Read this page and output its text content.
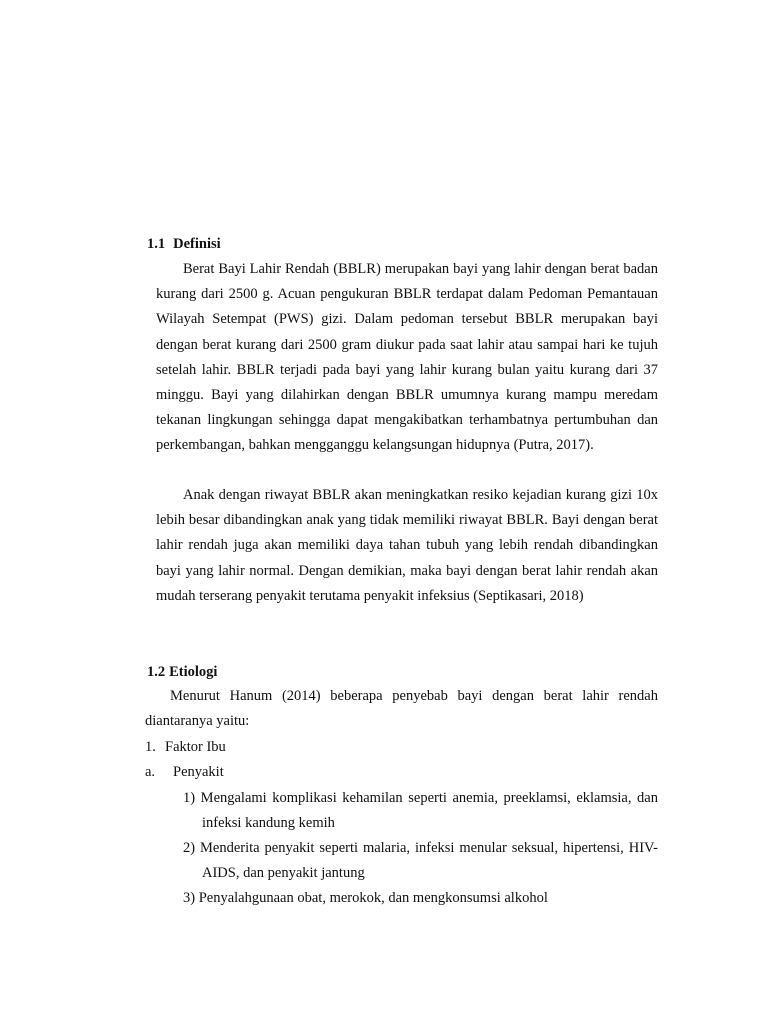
1.1 Definisi

Berat Bayi Lahir Rendah (BBLR) merupakan bayi yang lahir dengan berat badan kurang dari 2500 g. Acuan pengukuran BBLR terdapat dalam Pedoman Pemantauan Wilayah Setempat (PWS) gizi. Dalam pedoman tersebut BBLR merupakan bayi dengan berat kurang dari 2500 gram diukur pada saat lahir atau sampai hari ke tujuh setelah lahir. BBLR terjadi pada bayi yang lahir kurang bulan yaitu kurang dari 37 minggu. Bayi yang dilahirkan dengan BBLR umumnya kurang mampu meredam tekanan lingkungan sehingga dapat mengakibatkan terhambatnya pertumbuhan dan perkembangan, bahkan mengganggu kelangsungan hidupnya (Putra, 2017).

Anak dengan riwayat BBLR akan meningkatkan resiko kejadian kurang gizi 10x lebih besar dibandingkan anak yang tidak memiliki riwayat BBLR. Bayi dengan berat lahir rendah juga akan memiliki daya tahan tubuh yang lebih rendah dibandingkan bayi yang lahir normal. Dengan demikian, maka bayi dengan berat lahir rendah akan mudah terserang penyakit terutama penyakit infeksius (Septikasari, 2018)

1.2 Etiologi

Menurut Hanum (2014) beberapa penyebab bayi dengan berat lahir rendah diantaranya yaitu:

1. Faktor Ibu
a. Penyakit
1) Mengalami komplikasi kehamilan seperti anemia, preeklamsi, eklamsia, dan infeksi kandung kemih
2) Menderita penyakit seperti malaria, infeksi menular seksual, hipertensi, HIV-AIDS, dan penyakit jantung
3) Penyalahgunaan obat, merokok, dan mengkonsumsi alkohol
